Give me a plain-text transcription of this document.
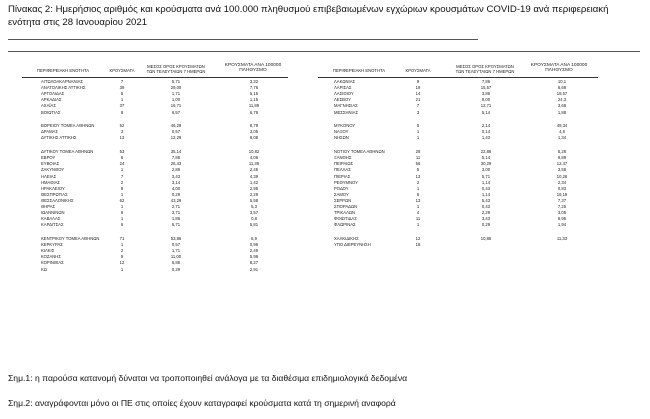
Πίνακας 2: Ημερήσιος αριθμός και κρούσματα ανά 100.000 πληθυσμού επιβεβαιωμένων εγχώριων κρουσμάτων COVID-19 ανά περιφερειακή
ενότητα στις 28 Ιανουαρίου 2021
ΠΕΡΙΦΕΡΕΙΑΚΗ ΕΝΟΤΗΤΑ	ΚΡΟΥΣΜΑΤΑ
ΜΕΣΟΣ ΟΡΟΣ ΚΡΟΥΣΜΑΤΩΝ
ΤΩΝ ΤΕΛΕΥΤΑΙΩΝ 7 ΗΜΕΡΩΝ
ΚΡΟΥΣΜΑΤΑ ΑΝΑ 100000
ΠΛΗΘΥΣΜΟ	ΠΕΡΙΦΕΡΕΙΑΚΗ ΕΝΟΤΗΤΑ	ΚΡΟΥΣΜΑΤΑ
ΜΕΣΟΣ ΟΡΟΣ ΚΡΟΥΣΜΑΤΩΝ
ΤΩΝ ΤΕΛΕΥΤΑΙΩΝ 7 ΗΜΕΡΩΝ
ΚΡΟΥΣΜΑΤΑ ΑΝΑ 100000
ΠΛΗΘΥΣΜΟ
ΑΙΤΩΛΟΑΚΑΡΝΑΝΙΑΣ	7	5,71	3,32
ΑΝΑΤΟΛΙΚΗΣ ΑΤΤΙΚΗΣ	39	29,00	7,76
ΑΡΓΟΛΙΔΑΣ	5	1,71	5,15
ΑΡΚΑΔΙΑΣ	1	1,00	1,15
ΑΧΑΪΑΣ	37	16,71	11,89
ΒΟΙΩΤΙΑΣ	8	6,57	6,78
ΒΟΡΕΙΟΥ ΤΟΜΕΑ ΑΘΗΝΩΝ	52	46,29	8,79
ΔΡΑΜΑΣ	3	0,57	3,05
ΔΥΤΙΚΗΣ ΑΤΤΙΚΗΣ	13	12,29	8,08
ΔΥΤΙΚΟΥ ΤΟΜΕΑ ΑΘΗΝΩΝ	53	35,14	10,82
ΕΒΡΟΥ	6	7,86	4,06
ΕΥΒΟΙΑΣ	24	26,43	11,38
ΖΑΚΥΝΘΟΥ	1	2,86	2,45
ΗΛΕΙΑΣ	7	3,43	4,39
ΗΜΑΘΙΑΣ	2	3,14	1,42
ΗΡΑΚΛΕΙΟΥ	9	4,00	2,95
ΘΕΣΠΡΩΤΙΑΣ	1	0,29	2,29
ΘΕΣΣΑΛΟΝΙΚΗΣ	62	43,29	5,58
ΘΗΡΑΣ	1	2,71	5,3
ΙΩΑΝΝΙΝΩΝ	6	3,71	3,57
ΚΑΒΑΛΑΣ	1	1,86	0,8
ΚΑΡΔΙΤΣΑΣ	6	6,71	5,81
ΚΕΝΤΡΙΚΟΥ ΤΟΜΕΑ ΑΘΗΝΩΝ	71	53,86	6,9
ΚΕΡΚΥΡΑΣ	1	0,57	0,96
ΚΙΛΚΙΣ	2	1,71	2,49
ΚΟΖΑΝΗΣ	9	11,00	5,99
ΚΟΡΙΝΘΙΑΣ	12	6,86	8,27
ΚΩ	1	0,29	2,91
ΛΑΚΩΝΙΑΣ	9	7,86	10,1
ΛΑΡΙΣΑΣ	19	15,57	6,68
ΛΑΣΙΘΙΟΥ	14	3,86	18,57
ΛΕΣΒΟΥ	21	8,00	24,3
ΜΑΓΝΗΣΙΑΣ	7	12,71	3,68
ΜΕΣΣΗΝΙΑΣ	3	5,14	1,88
ΜΥΚΟΝΟΥ	5	2,14	49,34
ΝΑΞΟΥ	1	0,14	4,6
ΝΗΣΩΝ	1	1,43	1,34
ΝΟΤΙΟΥ ΤΟΜΕΑ ΑΘΗΝΩΝ	28	22,86	5,28
ΞΑΝΘΗΣ	11	5,14	9,89
ΠΕΙΡΑΙΩΣ	56	30,29	12,47
ΠΕΛΛΑΣ	5	3,00	3,58
ΠΙΕΡΙΑΣ	13	5,71	10,26
ΡΕΘΥΜΝΟΥ	2	1,14	2,34
ΡΟΔΟΥ	1	0,43	0,83
ΣΑΜΟΥ	6	1,14	18,19
ΣΕΡΡΩΝ	13	5,43	7,37
ΣΠΟΡΑΔΩΝ	1	0,43	7,25
ΤΡΙΚΑΛΩΝ	4	2,29	3,05
ΦΘΙΩΤΙΔΑΣ	11	3,43	6,95
ΦΛΩΡΙΝΑΣ	1	0,29	1,94
ΧΑΛΚΙΔΙΚΗΣ	12	10,86	11,33
ΥΠΟ ΔΙΕΡΕΥΝΗΣΗ	18
Σημ.1: η παρούσα κατανομή δύναται να τροποποιηθεί ανάλογα με τα διαθέσιμα επιδημιολογικά δεδομένα
Σημ.2: αναγράφονται μόνο οι ΠΕ στις οποίες έχουν καταγραφεί κρούσματα κατά τη σημερινή αναφορά
